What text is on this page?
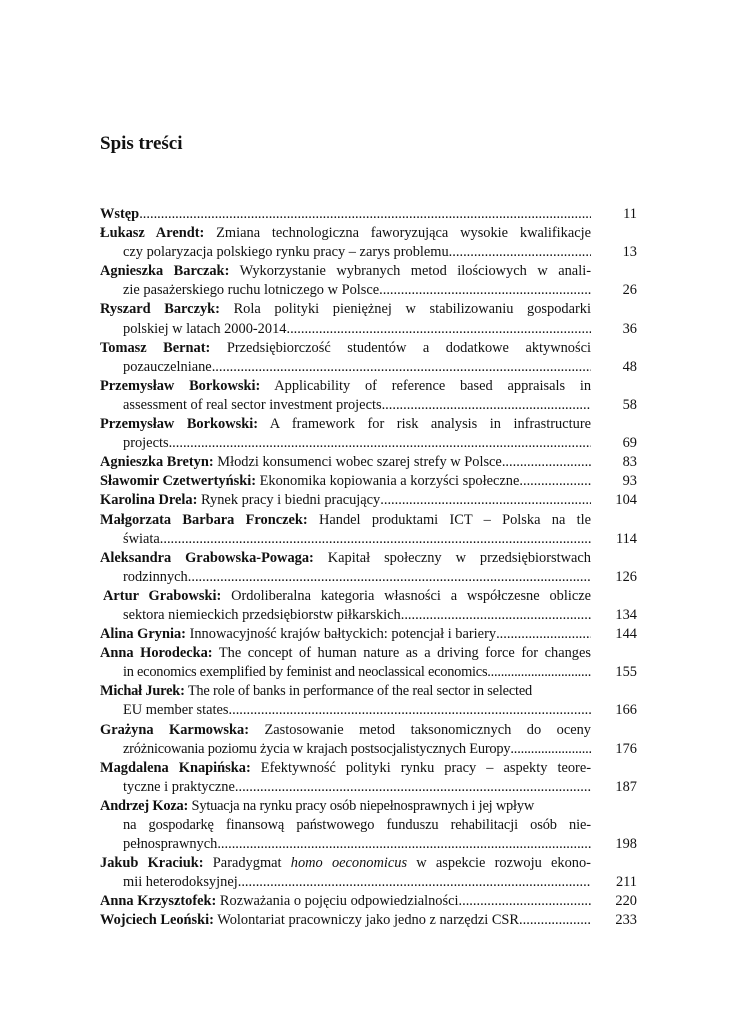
Spis treści
Wstęp .....	11
Łukasz Arendt: Zmiana technologiczna faworyzująca wysokie kwalifikacje
czy polaryzacja polskiego rynku pracy – zarys problemu .....	13
Agnieszka Barczak: Wykorzystanie wybranych metod ilościowych w anali-
zie pasażerskiego ruchu lotniczego w Polsce .....	26
Ryszard Barczyk: Rola polityki pieniężnej w stabilizowaniu gospodarki
polskiej w latach 2000-2014 .....	36
Tomasz Bernat: Przedsiębiorczość studentów a dodatkowe aktywności
pozauczelniane .....	48
Przemysław Borkowski: Applicability of reference based appraisals in
assessment of real sector investment projects .....	58
Przemysław Borkowski: A framework for risk analysis in infrastructure
projects .....	69
Agnieszka Bretyn: Młodzi konsumenci wobec szarej strefy w Polsce .....	83
Sławomir Czetwertyński: Ekonomika kopiowania a korzyści społeczne .....	93
Karolina Drela: Rynek pracy i biedni pracujący .....	104
Małgorzata Barbara Fronczek: Handel produktami ICT – Polska na tle
świata .....	114
Aleksandra Grabowska-Powaga: Kapitał społeczny w przedsiębiorstwach
rodzinnych .....	126
Artur Grabowski: Ordoliberalna kategoria własności a współczesne oblicze
sektora niemieckich przedsiębiorstw piłkarskich .....	134
Alina Grynia: Innowacyjność krajów bałtyckich: potencjał i bariery .....	144
Anna Horodecka: The concept of human nature as a driving force for changes
in economics exemplified by feminist and neoclassical economics .....	155
Michał Jurek: The role of banks in performance of the real sector in selected
EU member states .....	166
Grażyna Karmowska: Zastosowanie metod taksonomicznych do oceny
zróżnicowania poziomu życia w krajach postsocjalistycznych Europy .....	176
Magdalena Knapińska: Efektywność polityki rynku pracy – aspekty teore-
tyczne i praktyczne .....	187
Andrzej Koza: Sytuacja na rynku pracy osób niepełnosprawnych i jej wpływ
na gospodarkę finansową państwowego funduszu rehabilitacji osób nie-
pełnosprawnych .....	198
Jakub Kraciuk: Paradygmat homo oeconomicus w aspekcie rozwoju ekono-
mii heterodoksyjnej .....	211
Anna Krzysztofek: Rozważania o pojęciu odpowiedzialności .....	220
Wojciech Leoński: Wolontariat pracowniczy jako jedno z narzędzi CSR .....	233
